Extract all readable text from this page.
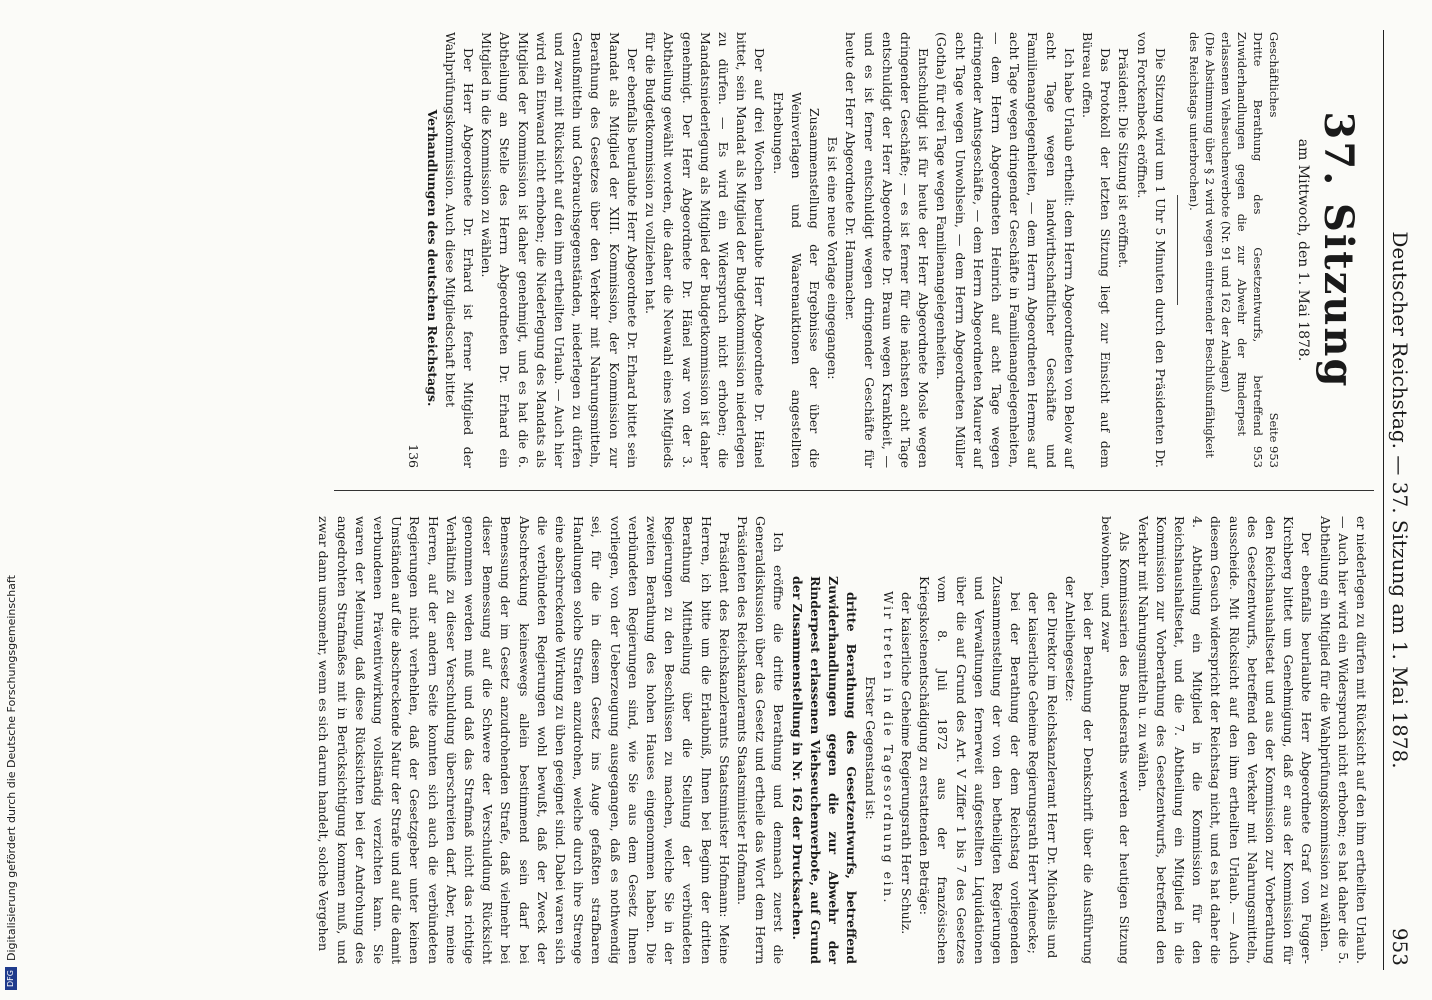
Deutscher Reichstag. — 37. Sitzung am 1. Mai 1878.
953
37. Sitzung
am Mittwoch, den 1. Mai 1878.
Geschäftliches
Seite 953
Dritte Berathung des Gesetzentwurfs, betreffend Zuwiderhandlungen gegen die zur Abwehr der Rinderpest erlassenen Viehseuchenverbote (Nr. 91 und 162 der Anlagen)
953
(Die Abstimmung über § 2 wird wegen eintretender Beschlußunfähigkeit des Reichstags unterbrochen).

Die Sitzung wird um 1 Uhr 5 Minuten durch den Präsidenten Dr. von Forckenbeck eröffnet.

Präsident: Die Sitzung ist eröffnet.

Das Protokoll der letzten Sitzung liegt zur Einsicht auf dem Büreau offen.

Ich habe Urlaub ertheilt: dem Herrn Abgeordneten von Below auf acht Tage wegen landwirthschaftlicher Geschäfte und Familienangelegenheiten, — dem Herrn Abgeordneten Hermes auf acht Tage wegen dringender Geschäfte in Familienangelegenheiten, — dem Herrn Abgeordneten Heinrich auf acht Tage wegen dringender Amtsgeschäfte, — dem Herrn Abgeordneten Maurer auf acht Tage wegen Unwohlsein, — dem Herrn Abgeordneten Müller (Gotha) für drei Tage wegen Familienangelegenheiten.

Entschuldigt ist für heute der Herr Abgeordnete Mosle wegen dringender Geschäfte; — es ist ferner für die nächsten acht Tage entschuldigt der Herr Abgeordnete Dr. Braun wegen Krankheit, — und es ist ferner entschuldigt wegen dringender Geschäfte für heute der Herr Abgeordnete Dr. Hammacher.

Es ist eine neue Vorlage eingegangen:

Zusammenstellung der Ergebnisse der über die Weinverlagen und Waarenauktionen angestellten Erhebungen.

Der auf drei Wochen beurlaubte Herr Abgeordnete Dr. Hänel bittet, sein Mandat als Mitglied der Budgetkommission niederlegen zu dürfen. — Es wird ein Widerspruch nicht erhoben; die Mandatsniederlegung als Mitglied der Budgetkommission ist daher genehmigt. Der Herr Abgeordnete Dr. Hänel war von der 3. Abtheilung gewählt worden, die daher die Neuwahl eines Mitglieds für die Budgetkommission zu vollziehen hat.

Der ebenfalls beurlaubte Herr Abgeordnete Dr. Erhard bittet sein Mandat als Mitglied der XIII. Kommission, der Kommission zur Berathung des Gesetzes über den Verkehr mit Nahrungsmitteln, Genußmitteln und Gebrauchsgegenständen, niederlegen zu dürfen und zwar mit Rücksicht auf den ihm ertheilten Urlaub. — Auch hier wird ein Einwand nicht erhoben; die Niederlegung des Mandats als Mitglied der Kommission ist daher genehmigt, und es hat die 6. Abtheilung an Stelle des Herrn Abgeordneten Dr. Erhard ein Mitglied in die Kommission zu wählen.

Der Herr Abgeordnete Dr. Erhard ist ferner Mitglied der Wahlprüfungskommission. Auch diese Mitgliedschaft bittet

Verhandlungen des deutschen Reichstags.

136

er niederlegen zu dürfen mit Rücksicht auf den ihm ertheilten Urlaub. — Auch hier wird ein Widerspruch nicht erhoben; es hat daher die 5. Abtheilung ein Mitglied für die Wahlprüfungskommission zu wählen.

Der ebenfalls beurlaubte Herr Abgeordnete Graf von Fugger-Kirchberg bittet um Genehmigung, daß er aus der Kommission für den Reichshaushaltsetat und aus der Kommission zur Vorberathung des Gesetzentwurfs, betreffend den Verkehr mit Nahrungsmitteln, ausscheide. Mit Rücksicht auf den ihm ertheilten Urlaub. — Auch diesem Gesuch widerspricht der Reichstag nicht, und es hat daher die 4. Abtheilung ein Mitglied in die Kommission für den Reichshaushaltsetat, und die 7. Abtheilung ein Mitglied in die Kommission zur Vorberathung des Gesetzentwurfs, betreffend den Verkehr mit Nahrungsmitteln u. zu wählen.

Als Kommissarien des Bundesraths werden der heutigen Sitzung beiwohnen, und zwar

bei der Berathung der Denkschrift über die Ausführung der Anleihegesetze:

der Direktor im Reichskanzleramt Herr Dr. Michaelis und

der kaiserliche Geheime Regierungsrath Herr Meinecke;

bei der Berathung der dem Reichstag vorliegenden Zusammenstellung der von den betheiligten Regierungen und Verwaltungen fernerweit aufgestellten Liquidationen über die auf Grund des Art. V Ziffer 1 bis 7 des Gesetzes vom 8. Juli 1872 aus der französischen Kriegskostenentschädigung zu erstattenden Beträge:

der kaiserliche Geheime Regierungsrath Herr Schulz.

Wir treten in die Tagesordnung ein.

Erster Gegenstand ist:

dritte Berathung des Gesetzentwurfs, betreffend Zuwiderhandlungen gegen die zur Abwehr der Rinderpest erlassenen Viehseuchenverbote, auf Grund der Zusammenstellung in Nr. 162 der Drucksachen.

Ich eröffne die dritte Berathung und demnach zuerst die Generaldiskussion über das Gesetz und ertheile das Wort dem Herrn Präsidenten des Reichskanzleramts Staatsminister Hofmann.

Präsident des Reichskanzleramts Staatsminister Hofmann: Meine Herren, ich bitte um die Erlaubniß, Ihnen bei Beginn der dritten Berathung Mittheilung über die Stellung der verbündeten Regierungen zu den Beschlüssen zu machen, welche Sie in der zweiten Berathung des hohen Hauses eingenommen haben. Die verbündeten Regierungen sind, wie Sie aus dem Gesetz Ihnen vorliegen, von der Ueberzeugung ausgegangen, daß es nothwendig sei, für die in diesem Gesetz ins Auge gefaßten strafbaren Handlungen solche Strafen anzudrohen, welche durch ihre Strenge eine abschreckende Wirkung zu üben geeignet sind. Dabei waren sich die verbündeten Regierungen wohl bewußt, daß der Zweck der Abschreckung keineswegs allein bestimmend sein darf bei Bemessung der im Gesetz anzudrohenden Strafe, daß vielmehr bei dieser Bemessung auf die Schwere der Verschuldung Rücksicht genommen werden muß und daß das Strafmaß nicht das richtige Verhältniß zu dieser Verschuldung überschreiten darf. Aber, meine Herren, auf der andern Seite konnten sich auch die verbündeten Regierungen nicht verhehlen, daß der Gesetzgeber unter keinen Umständen auf die abschreckende Natur der Strafe und auf die damit verbundenen Präventivwirkung vollständig verzichten kann. Sie waren der Meinung, daß diese Rücksichten bei der Androhung des angedrohten Strafmaßes mit in Berücksichtigung kommen muß, und zwar dann umsomehr, wenn es sich darum handelt, solche Vergehen

DFG
Digitalisierung gefördert durch die Deutsche Forschungsgemeinschaft
